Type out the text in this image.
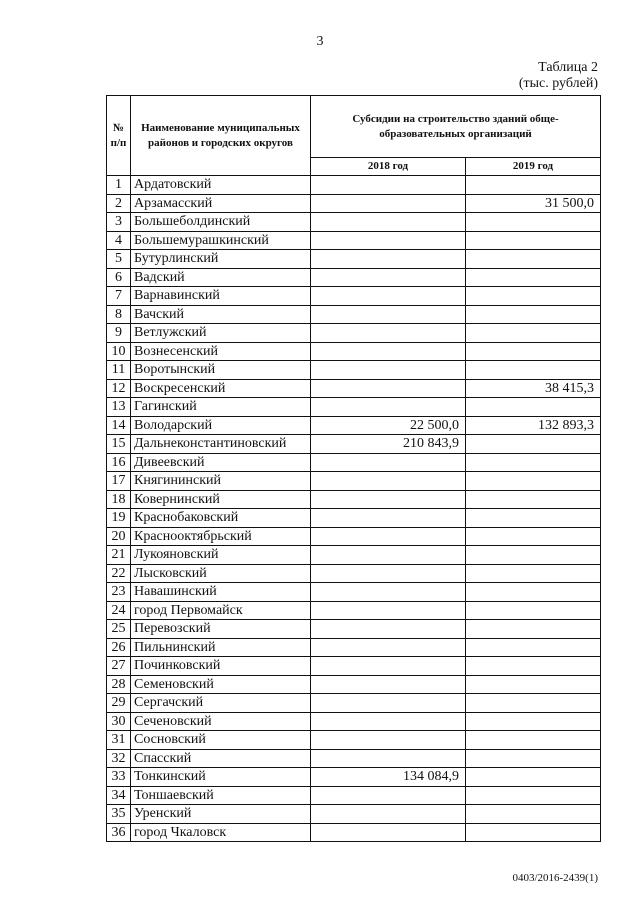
3
Таблица 2
(тыс. рублей)
№ п/п	Наименование муниципальных районов и городских округов	Субсидии на строительство зданий обще-образовательных организаций	
		2018 год	2019 год
1	Ардатовский		
2	Арзамасский		31 500,0
3	Большеболдинский		
4	Большемурашкинский		
5	Бутурлинский		
6	Вадский		
7	Варнавинский		
8	Вачский		
9	Ветлужский		
10	Вознесенский		
11	Воротынский		
12	Воскресенский		38 415,3
13	Гагинский		
14	Володарский	22 500,0	132 893,3
15	Дальнеконстантиновский	210 843,9	
16	Дивеевский		
17	Княгининский		
18	Ковернинский		
19	Краснобаковский		
20	Краснооктябрьский		
21	Лукояновский		
22	Лысковский		
23	Навашинский		
24	город Первомайск		
25	Перевозский		
26	Пильнинский		
27	Починковский		
28	Семеновский		
29	Сергачский		
30	Сеченовский		
31	Сосновский		
32	Спасский		
33	Тонкинский	134 084,9	
34	Тоншаевский		
35	Уренский		
36	город Чкаловск		
0403/2016-2439(1)
